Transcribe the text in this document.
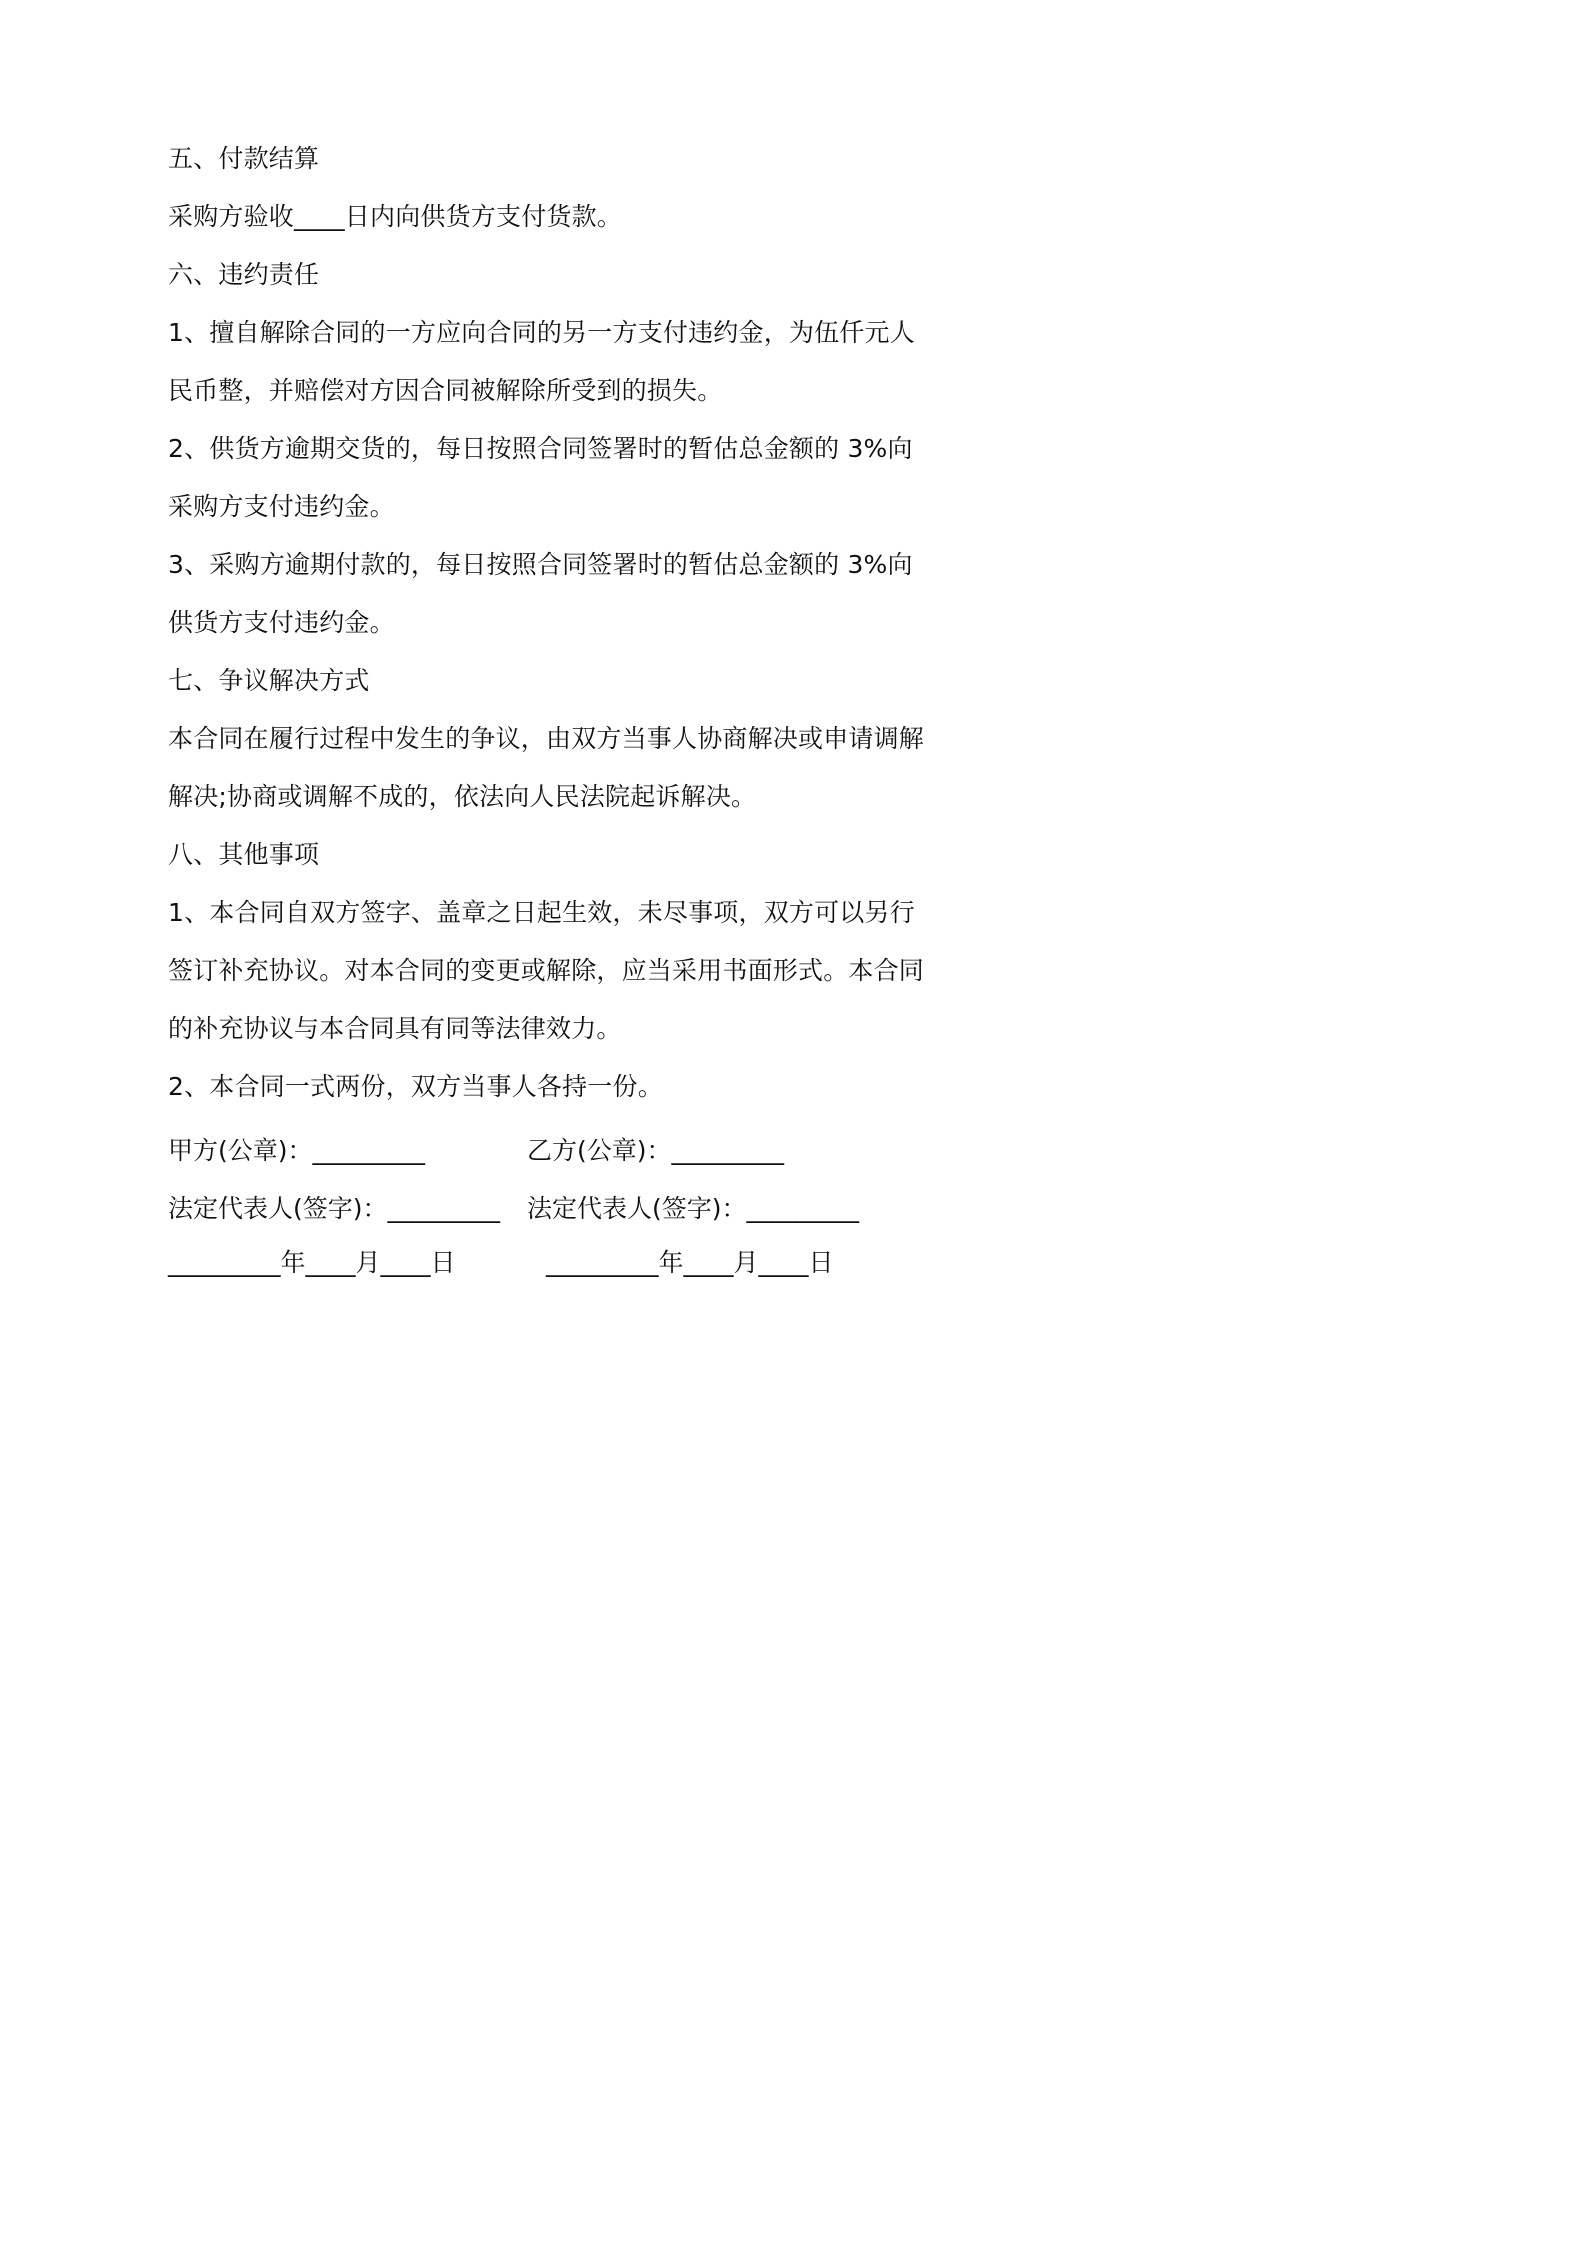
五、付款结算
采购方验收____日内向供货方支付货款。
六、违约责任
1、擅自解除合同的一方应向合同的另一方支付违约金，为伍仟元人
民币整，并赔偿对方因合同被解除所受到的损失。
2、供货方逾期交货的，每日按照合同签署时的暂估总金额的 3%向
采购方支付违约金。
3、采购方逾期付款的，每日按照合同签署时的暂估总金额的 3%向
供货方支付违约金。
七、争议解决方式
本合同在履行过程中发生的争议，由双方当事人协商解决或申请调解
解决;协商或调解不成的，依法向人民法院起诉解决。
八、其他事项
1、本合同自双方签字、盖章之日起生效，未尽事项，双方可以另行
签订补充协议。对本合同的变更或解除，应当采用书面形式。本合同
的补充协议与本合同具有同等法律效力。
2、本合同一式两份，双方当事人各持一份。
甲方(公章)：_________	乙方(公章)：_________
法定代表人(签字)：_________ 法定代表人(签字)：_________
_________年____月____日	_________年____月____日
